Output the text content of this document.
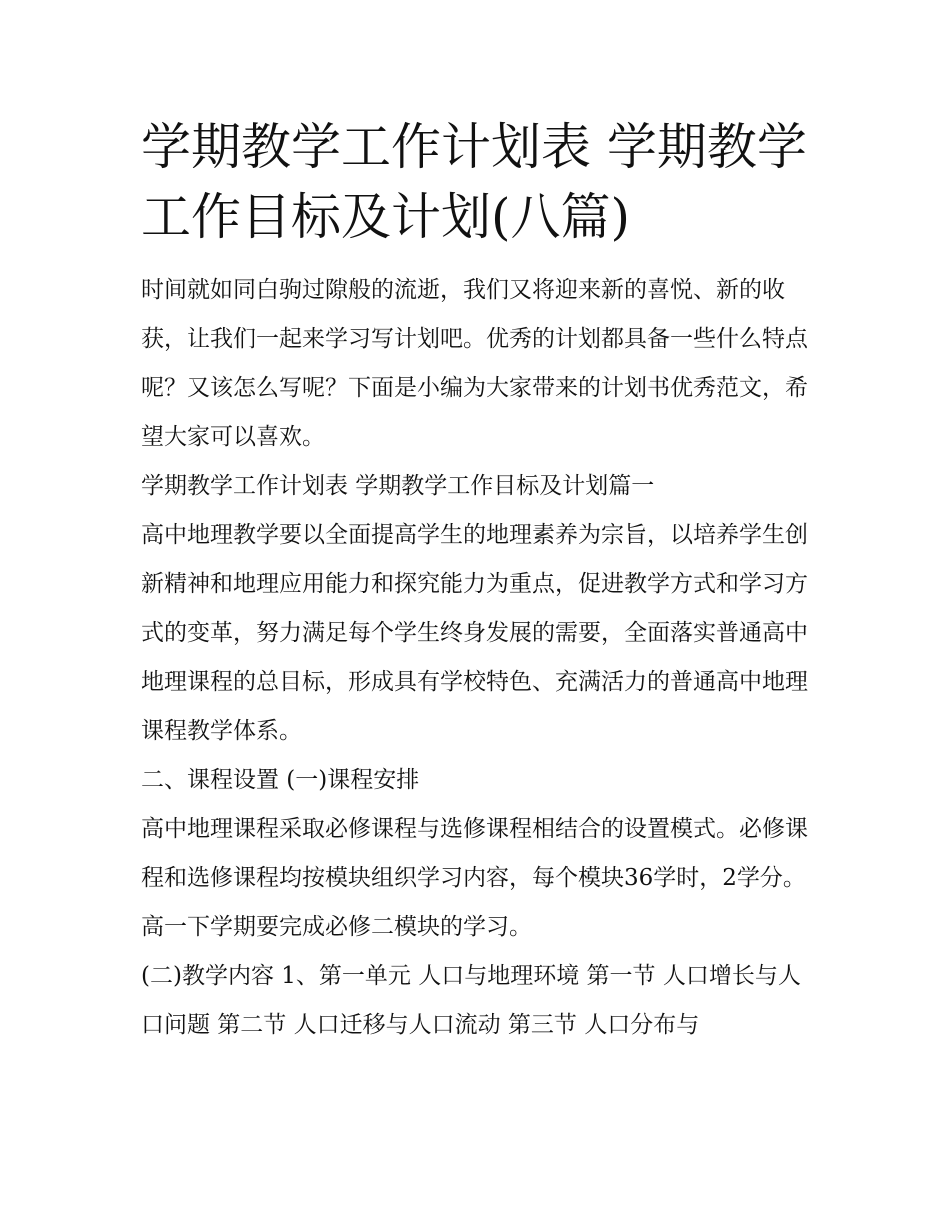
学期教学工作计划表 学期教学工作目标及计划(八篇)

时间就如同白驹过隙般的流逝，我们又将迎来新的喜悦、新的收获，让我们一起来学习写计划吧。优秀的计划都具备一些什么特点呢？又该怎么写呢？下面是小编为大家带来的计划书优秀范文，希望大家可以喜欢。

学期教学工作计划表 学期教学工作目标及计划篇一

高中地理教学要以全面提高学生的地理素养为宗旨，以培养学生创新精神和地理应用能力和探究能力为重点，促进教学方式和学习方式的变革，努力满足每个学生终身发展的需要，全面落实普通高中地理课程的总目标，形成具有学校特色、充满活力的普通高中地理课程教学体系。

二、课程设置 (一)课程安排

高中地理课程采取必修课程与选修课程相结合的设置模式。必修课程和选修课程均按模块组织学习内容，每个模块36学时，2学分。高一下学期要完成必修二模块的学习。

(二)教学内容 1、第一单元 人口与地理环境 第一节 人口增长与人口问题 第二节 人口迁移与人口流动 第三节 人口分布与
